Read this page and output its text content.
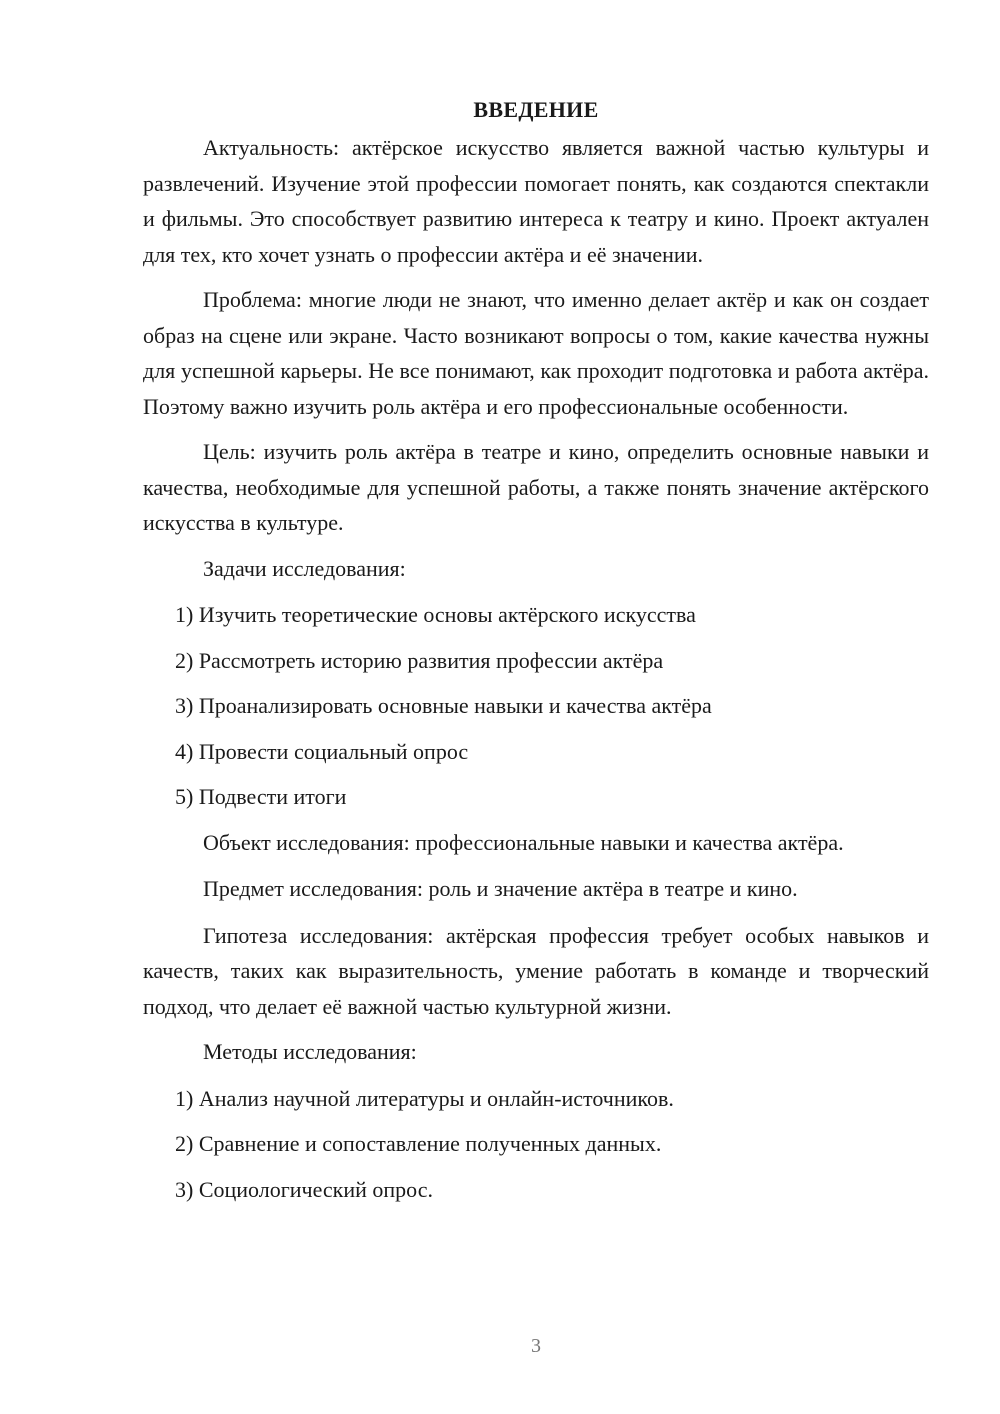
ВВЕДЕНИЕ

Актуальность: актёрское искусство является важной частью культуры и развлечений. Изучение этой профессии помогает понять, как создаются спектакли и фильмы. Это способствует развитию интереса к театру и кино. Проект актуален для тех, кто хочет узнать о профессии актёра и её значении.

Проблема: многие люди не знают, что именно делает актёр и как он создает образ на сцене или экране. Часто возникают вопросы о том, какие качества нужны для успешной карьеры. Не все понимают, как проходит подготовка и работа актёра. Поэтому важно изучить роль актёра и его профессиональные особенности.

Цель: изучить роль актёра в театре и кино, определить основные навыки и качества, необходимые для успешной работы, а также понять значение актёрского искусства в культуре.

Задачи исследования:

1) Изучить теоретические основы актёрского искусства
2) Рассмотреть историю развития профессии актёра
3) Проанализировать основные навыки и качества актёра
4) Провести социальный опрос
5) Подвести итоги

Объект исследования: профессиональные навыки и качества актёра.

Предмет исследования: роль и значение актёра в театре и кино.

Гипотеза исследования: актёрская профессия требует особых навыков и качеств, таких как выразительность, умение работать в команде и творческий подход, что делает её важной частью культурной жизни.

Методы исследования:

1) Анализ научной литературы и онлайн-источников.
2) Сравнение и сопоставление полученных данных.
3) Социологический опрос.
3
